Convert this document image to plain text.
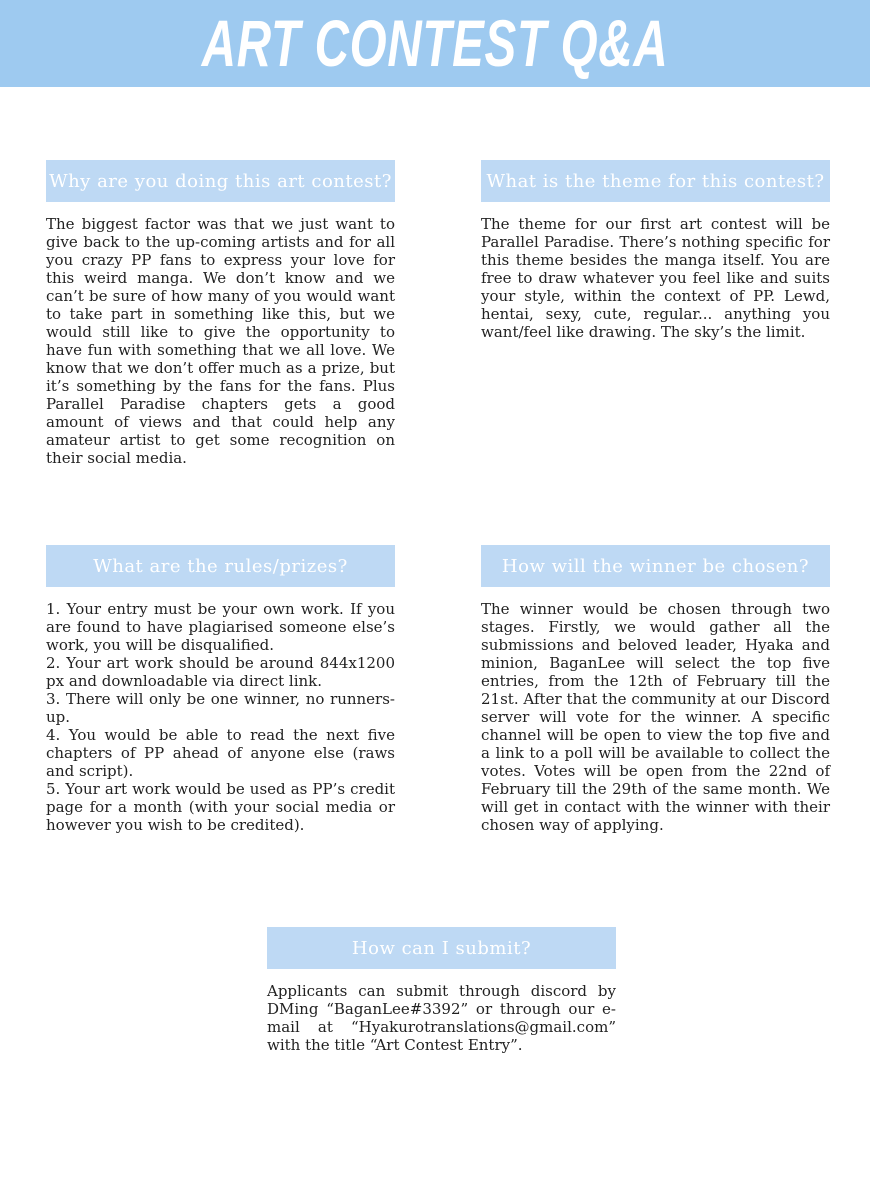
ART CONTEST Q&A
Why are you doing this art contest?

The biggest factor was that we just want to give back to the up-coming artists and for all you crazy PP fans to express your love for this weird manga. We don’t know and we can’t be sure of how many of you would want to take part in something like this, but we would still like to give the opportunity to have fun with something that we all love. We know that we don’t offer much as a prize, but it’s something by the fans for the fans. Plus Parallel Paradise chapters gets a good amount of views and that could help any amateur artist to get some recognition on their social media.

What is the theme for this contest?

The theme for our first art contest will be Parallel Paradise. There’s nothing specific for this theme besides the manga itself. You are free to draw whatever you feel like and suits your style, within the context of PP. Lewd, hentai, sexy, cute, regular... anything you want/feel like drawing. The sky’s the limit.

What are the rules/prizes?

1. Your entry must be your own work. If you are found to have plagiarised someone else’s work, you will be disqualified.

2. Your art work should be around 844x1200 px and downloadable via direct link.

3. There will only be one winner, no runners-up.

4. You would be able to read the next five chapters of PP ahead of anyone else (raws and script).

5. Your art work would be used as PP’s credit page for a month (with your social media or however you wish to be credited).

How will the winner be chosen?

The winner would be chosen through two stages. Firstly, we would gather all the submissions and beloved leader, Hyaka and minion, BaganLee will select the top five entries, from the 12th of February till the 21st. After that the community at our Discord server will vote for the winner. A specific channel will be open to view the top five and a link to a poll will be available to collect the votes. Votes will be open from the 22nd of February till the 29th of the same month. We will get in contact with the winner with their chosen way of applying.

How can I submit?

Applicants can submit through discord by DMing “BaganLee#3392” or through our e-mail at “Hyakurotranslations@gmail.com” with the title “Art Contest Entry”.
